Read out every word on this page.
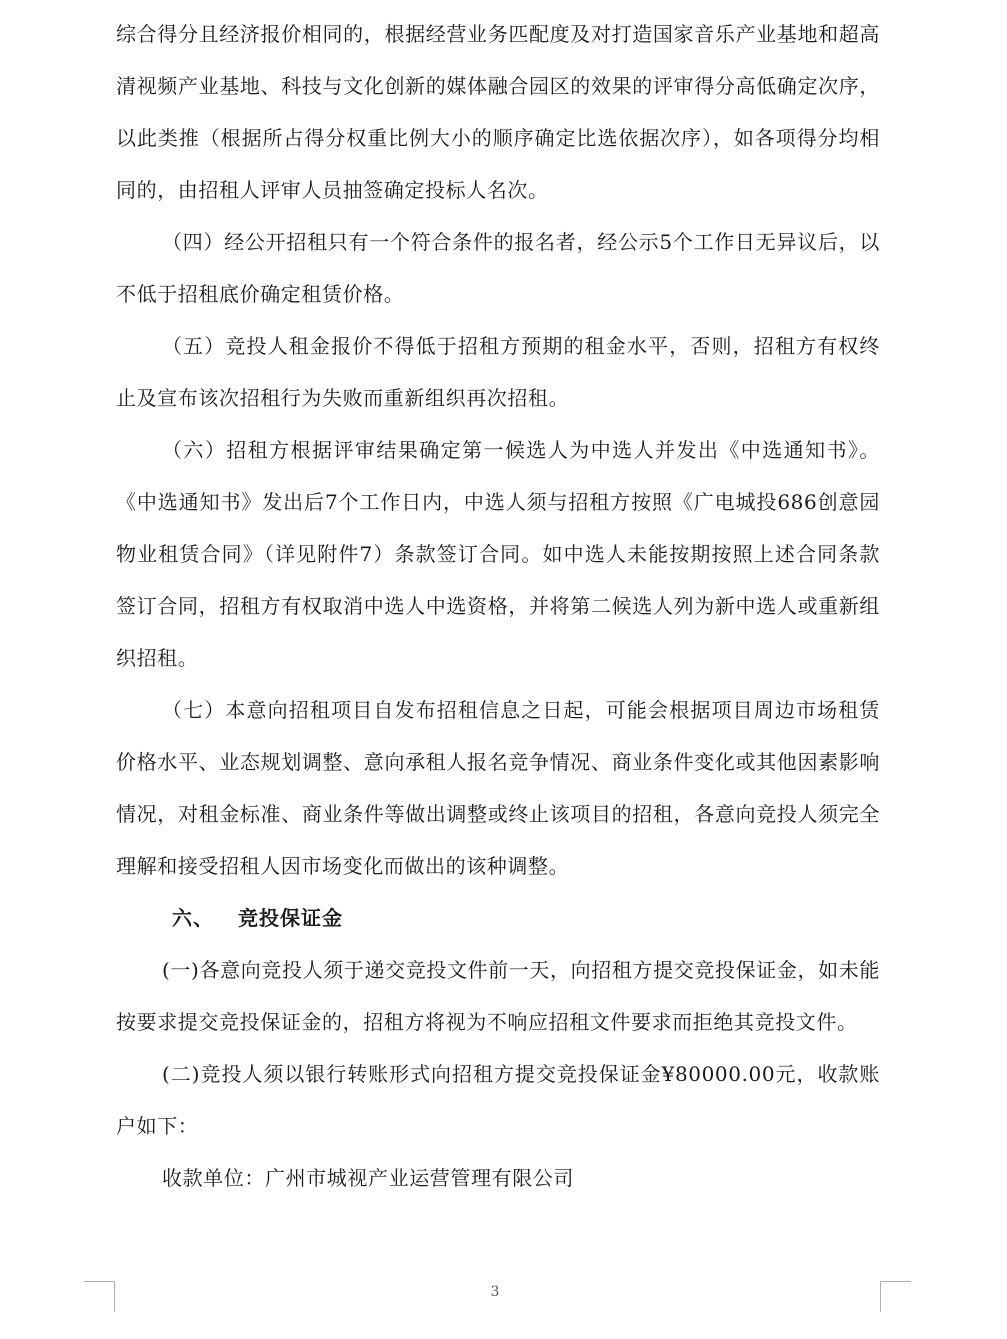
综合得分且经济报价相同的，根据经营业务匹配度及对打造国家音乐产业基地和超高清视频产业基地、科技与文化创新的媒体融合园区的效果的评审得分高低确定次序，以此类推（根据所占得分权重比例大小的顺序确定比选依据次序），如各项得分均相同的，由招租人评审人员抽签确定投标人名次。

（四）经公开招租只有一个符合条件的报名者，经公示5个工作日无异议后，以不低于招租底价确定租赁价格。

（五）竞投人租金报价不得低于招租方预期的租金水平，否则，招租方有权终止及宣布该次招租行为失败而重新组织再次招租。

（六）招租方根据评审结果确定第一候选人为中选人并发出《中选通知书》。《中选通知书》发出后7个工作日内，中选人须与招租方按照《广电城投686创意园物业租赁合同》（详见附件7）条款签订合同。如中选人未能按期按照上述合同条款签订合同，招租方有权取消中选人中选资格，并将第二候选人列为新中选人或重新组织招租。

（七）本意向招租项目自发布招租信息之日起，可能会根据项目周边市场租赁价格水平、业态规划调整、意向承租人报名竞争情况、商业条件变化或其他因素影响情况，对租金标准、商业条件等做出调整或终止该项目的招租，各意向竞投人须完全理解和接受招租人因市场变化而做出的该种调整。

六、 竞投保证金

(一)各意向竞投人须于递交竞投文件前一天，向招租方提交竞投保证金，如未能按要求提交竞投保证金的，招租方将视为不响应招租文件要求而拒绝其竞投文件。

(二)竞投人须以银行转账形式向招租方提交竞投保证金¥80000.00元，收款账户如下：

收款单位：广州市城视产业运营管理有限公司

3
